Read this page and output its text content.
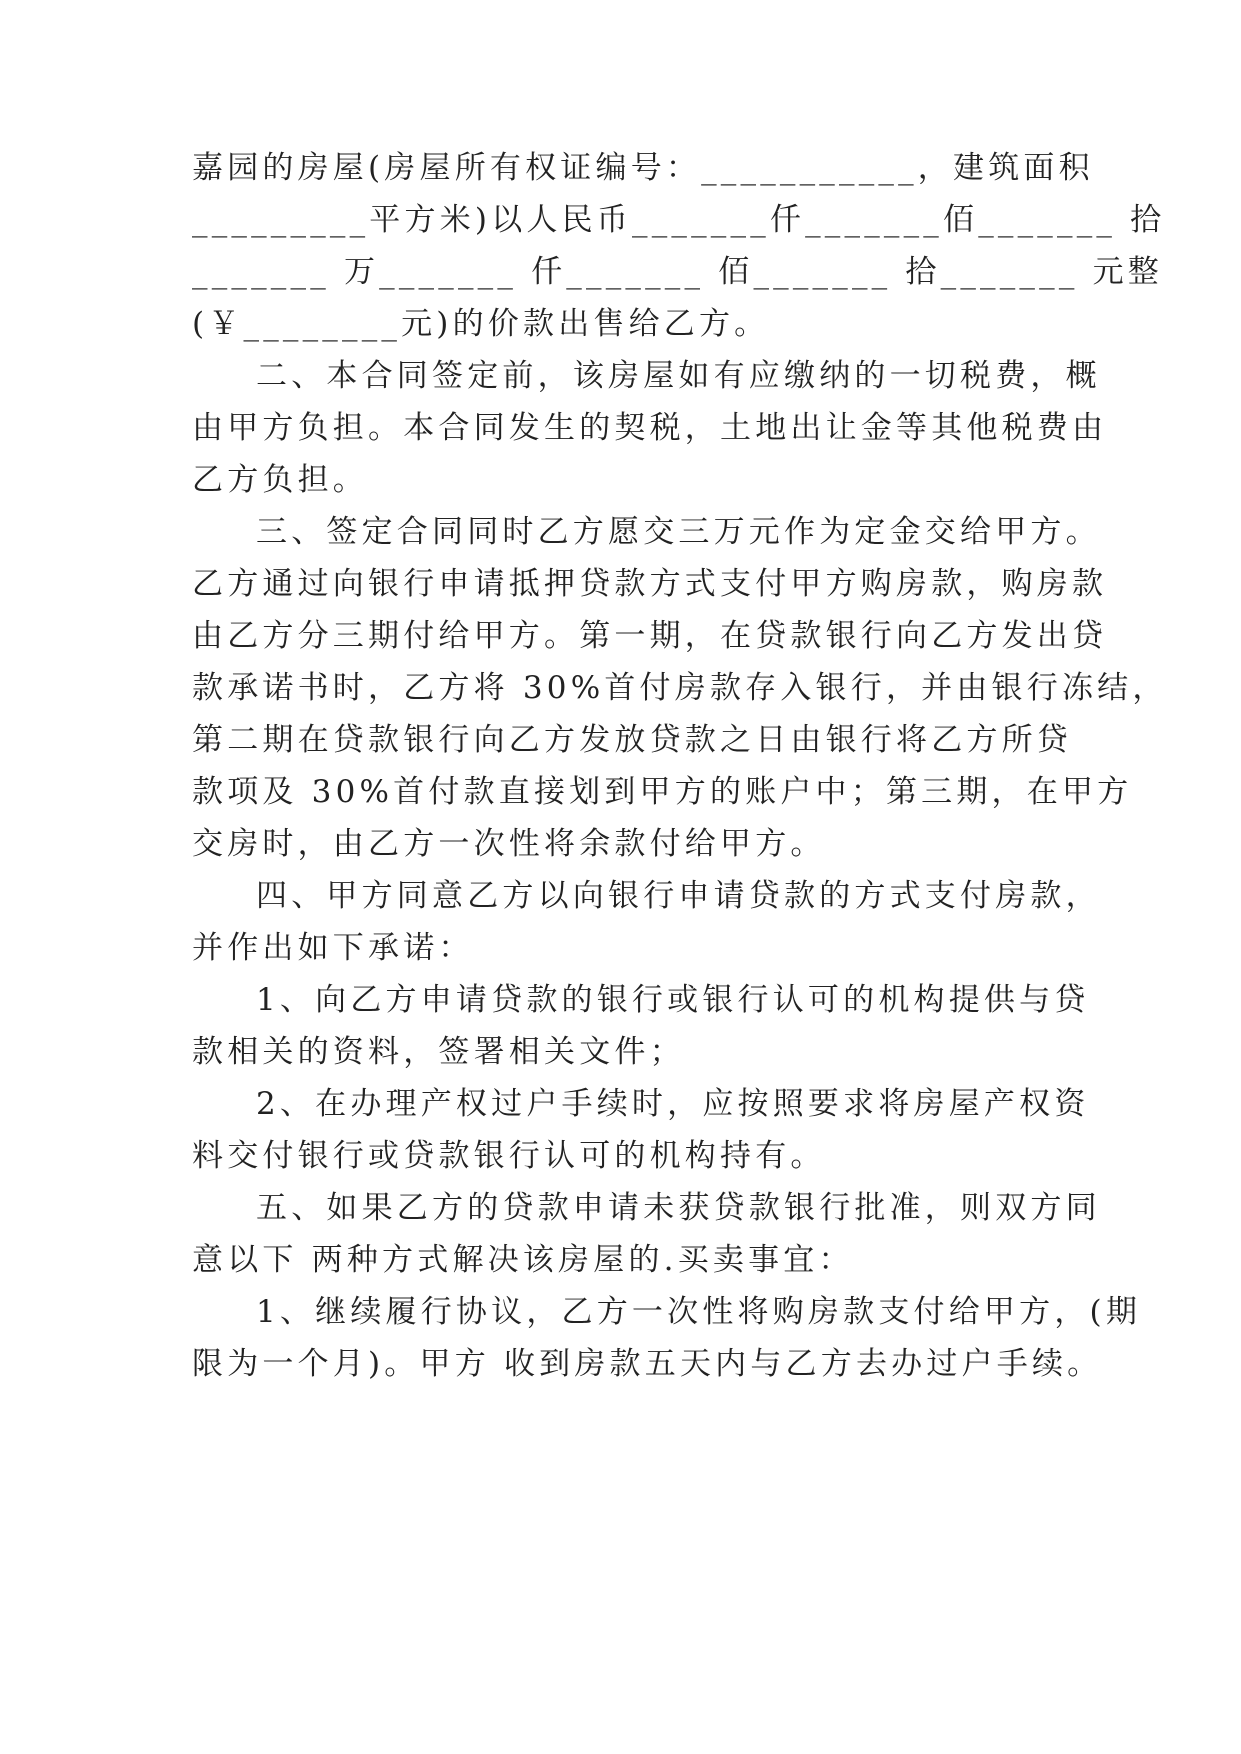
嘉园的房屋(房屋所有权证编号：___________，建筑面积
_________平方米)以人民币_______仟_______佰_______ 拾
_______ 万_______ 仟_______ 佰_______ 拾_______ 元整
(￥________元)的价款出售给乙方。
二、本合同签定前，该房屋如有应缴纳的一切税费，概
由甲方负担。本合同发生的契税，土地出让金等其他税费由
乙方负担。
三、签定合同同时乙方愿交三万元作为定金交给甲方。
乙方通过向银行申请抵押贷款方式支付甲方购房款，购房款
由乙方分三期付给甲方。第一期，在贷款银行向乙方发出贷
款承诺书时，乙方将 30%首付房款存入银行，并由银行冻结，
第二期在贷款银行向乙方发放贷款之日由银行将乙方所贷
款项及 30%首付款直接划到甲方的账户中；第三期，在甲方
交房时，由乙方一次性将余款付给甲方。
四、甲方同意乙方以向银行申请贷款的方式支付房款，
并作出如下承诺：
1、向乙方申请贷款的银行或银行认可的机构提供与贷
款相关的资料，签署相关文件；
2、在办理产权过户手续时，应按照要求将房屋产权资
料交付银行或贷款银行认可的机构持有。
五、如果乙方的贷款申请未获贷款银行批准，则双方同
意以下 两种方式解决该房屋的.买卖事宜：
1、继续履行协议，乙方一次性将购房款支付给甲方，(期
限为一个月)。甲方 收到房款五天内与乙方去办过户手续。
